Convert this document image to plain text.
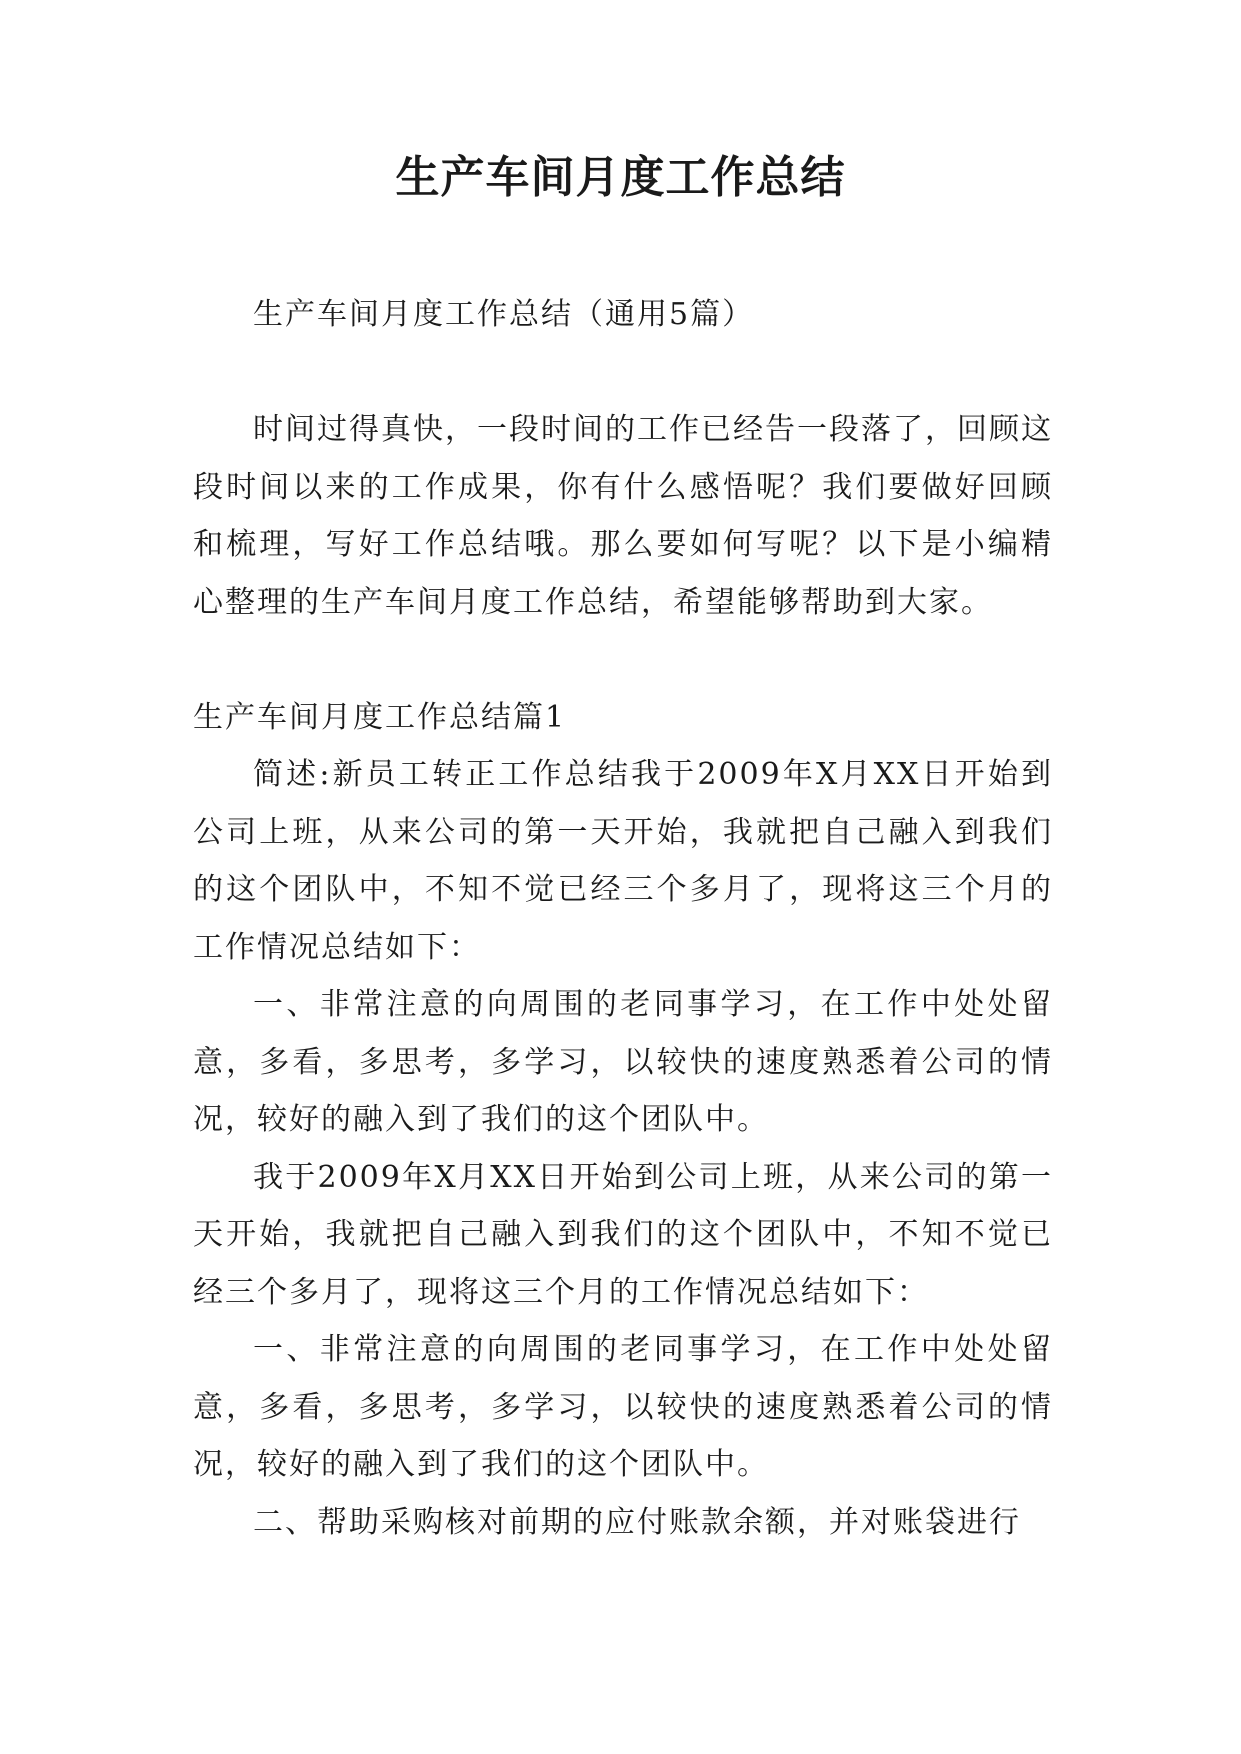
生产车间月度工作总结

生产车间月度工作总结（通用5篇）

时间过得真快，一段时间的工作已经告一段落了，回顾这段时间以来的工作成果，你有什么感悟呢？我们要做好回顾和梳理，写好工作总结哦。那么要如何写呢？以下是小编精心整理的生产车间月度工作总结，希望能够帮助到大家。

生产车间月度工作总结篇1

简述:新员工转正工作总结我于2009年X月XX日开始到公司上班，从来公司的第一天开始，我就把自己融入到我们的这个团队中，不知不觉已经三个多月了，现将这三个月的工作情况总结如下：

一、非常注意的向周围的老同事学习，在工作中处处留意，多看，多思考，多学习，以较快的速度熟悉着公司的情况，较好的融入到了我们的这个团队中。

我于2009年X月XX日开始到公司上班，从来公司的第一天开始，我就把自己融入到我们的这个团队中，不知不觉已经三个多月了，现将这三个月的工作情况总结如下：

一、非常注意的向周围的老同事学习，在工作中处处留意，多看，多思考，多学习，以较快的速度熟悉着公司的情况，较好的融入到了我们的这个团队中。

二、帮助采购核对前期的应付账款余额，并对账袋进行
